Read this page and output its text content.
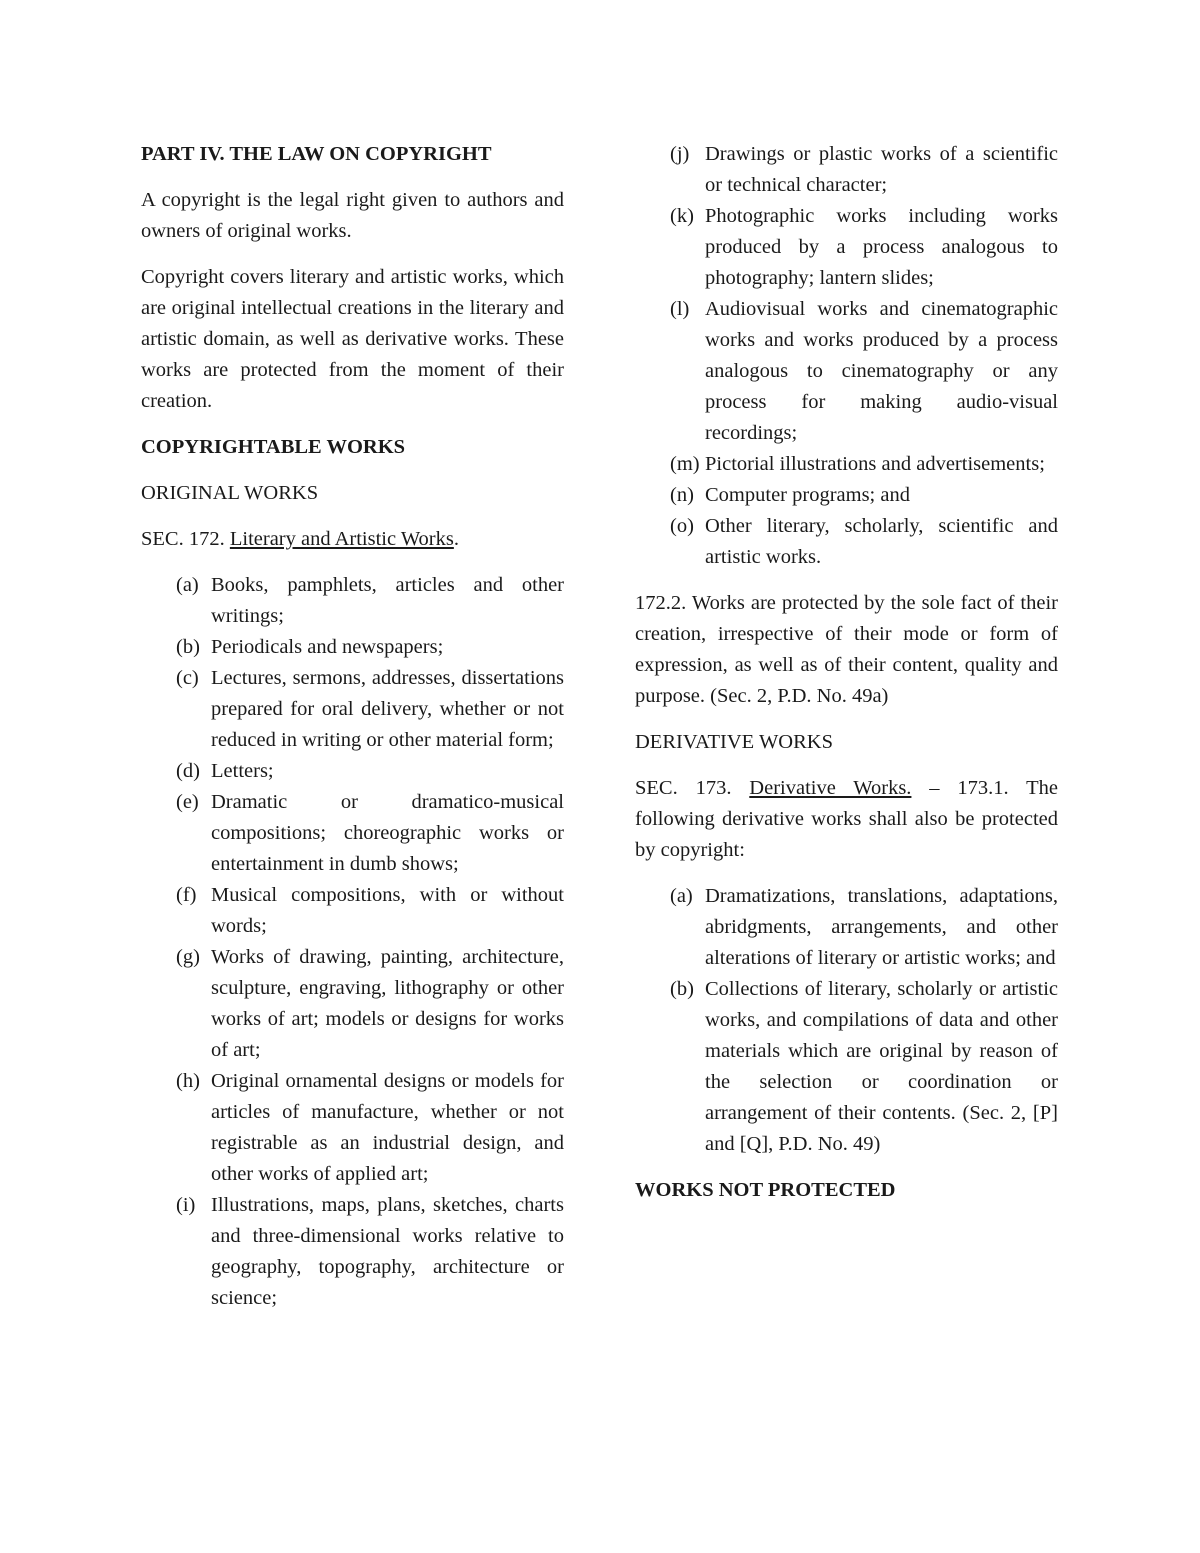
PART IV. THE LAW ON COPYRIGHT

A copyright is the legal right given to authors and owners of original works.

Copyright covers literary and artistic works, which are original intellectual creations in the literary and artistic domain, as well as derivative works. These works are protected from the moment of their creation.

COPYRIGHTABLE WORKS

ORIGINAL WORKS

SEC. 172. Literary and Artistic Works.

(a) Books, pamphlets, articles and other writings;
(b) Periodicals and newspapers;
(c) Lectures, sermons, addresses, dissertations prepared for oral delivery, whether or not reduced in writing or other material form;
(d) Letters;
(e) Dramatic or dramatico-musical compositions; choreographic works or entertainment in dumb shows;
(f) Musical compositions, with or without words;
(g) Works of drawing, painting, architecture, sculpture, engraving, lithography or other works of art; models or designs for works of art;
(h) Original ornamental designs or models for articles of manufacture, whether or not registrable as an industrial design, and other works of applied art;
(i) Illustrations, maps, plans, sketches, charts and three-dimensional works relative to geography, topography, architecture or science;
(j) Drawings or plastic works of a scientific or technical character;
(k) Photographic works including works produced by a process analogous to photography; lantern slides;
(l) Audiovisual works and cinematographic works and works produced by a process analogous to cinematography or any process for making audio-visual recordings;
(m) Pictorial illustrations and advertisements;
(n) Computer programs; and
(o) Other literary, scholarly, scientific and artistic works.

172.2. Works are protected by the sole fact of their creation, irrespective of their mode or form of expression, as well as of their content, quality and purpose. (Sec. 2, P.D. No. 49a)

DERIVATIVE WORKS

SEC. 173. Derivative Works. – 173.1. The following derivative works shall also be protected by copyright:

(a) Dramatizations, translations, adaptations, abridgments, arrangements, and other alterations of literary or artistic works; and
(b) Collections of literary, scholarly or artistic works, and compilations of data and other materials which are original by reason of the selection or coordination or arrangement of their contents. (Sec. 2, [P] and [Q], P.D. No. 49)

WORKS NOT PROTECTED
